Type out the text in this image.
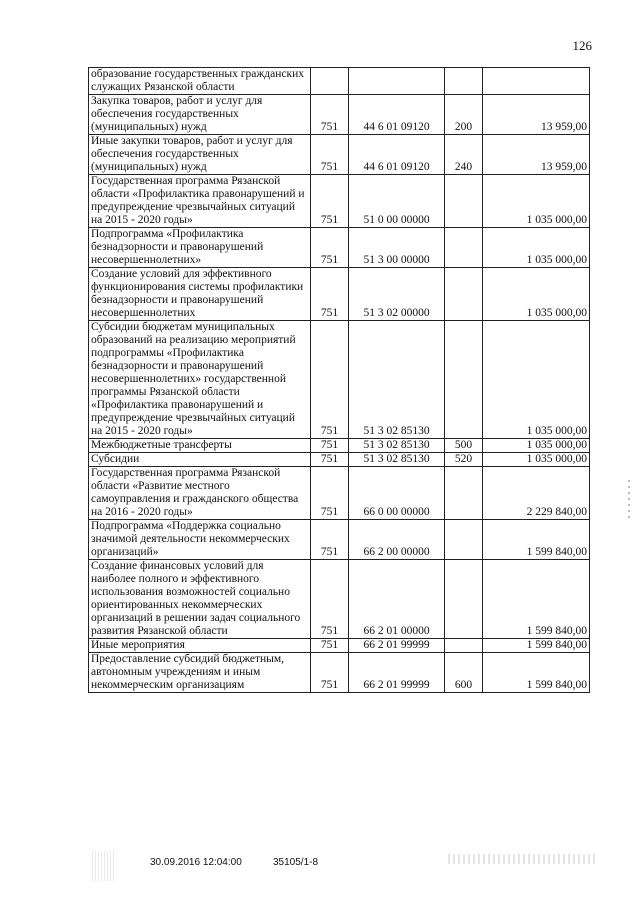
126
образование государственных гражданских служащих Рязанской области				
Закупка товаров, работ и услуг для обеспечения государственных (муниципальных) нужд	751	44 6 01 09120	200	13 959,00
Иные закупки товаров, работ и услуг для обеспечения государственных (муниципальных) нужд	751	44 6 01 09120	240	13 959,00
Государственная программа Рязанской области «Профилактика правонарушений и предупреждение чрезвычайных ситуаций на 2015 - 2020 годы»	751	51 0 00 00000		1 035 000,00
Подпрограмма «Профилактика безнадзорности и правонарушений несовершеннолетних»	751	51 3 00 00000		1 035 000,00
Создание условий для эффективного функционирования системы профилактики безнадзорности и правонарушений несовершеннолетних	751	51 3 02 00000		1 035 000,00
Субсидии бюджетам муниципальных образований на реализацию мероприятий подпрограммы «Профилактика безнадзорности и правонарушений несовершеннолетних» государственной программы Рязанской области «Профилактика правонарушений и предупреждение чрезвычайных ситуаций на 2015 - 2020 годы»	751	51 3 02 85130		1 035 000,00
Межбюджетные трансферты	751	51 3 02 85130	500	1 035 000,00
Субсидии	751	51 3 02 85130	520	1 035 000,00
Государственная программа Рязанской области «Развитие местного самоуправления и гражданского общества на 2016 - 2020 годы»	751	66 0 00 00000		2 229 840,00
Подпрограмма «Поддержка социально значимой деятельности некоммерческих организаций»	751	66 2 00 00000		1 599 840,00
Создание финансовых условий для наиболее полного и эффективного использования возможностей социально ориентированных некоммерческих организаций в решении задач социального развития Рязанской области	751	66 2 01 00000		1 599 840,00
Иные мероприятия	751	66 2 01 99999		1 599 840,00
Предоставление субсидий бюджетным, автономным учреждениям и иным некоммерческим организациям	751	66 2 01 99999	600	1 599 840,00
30.09.2016 12:04:00	35105/1-8
